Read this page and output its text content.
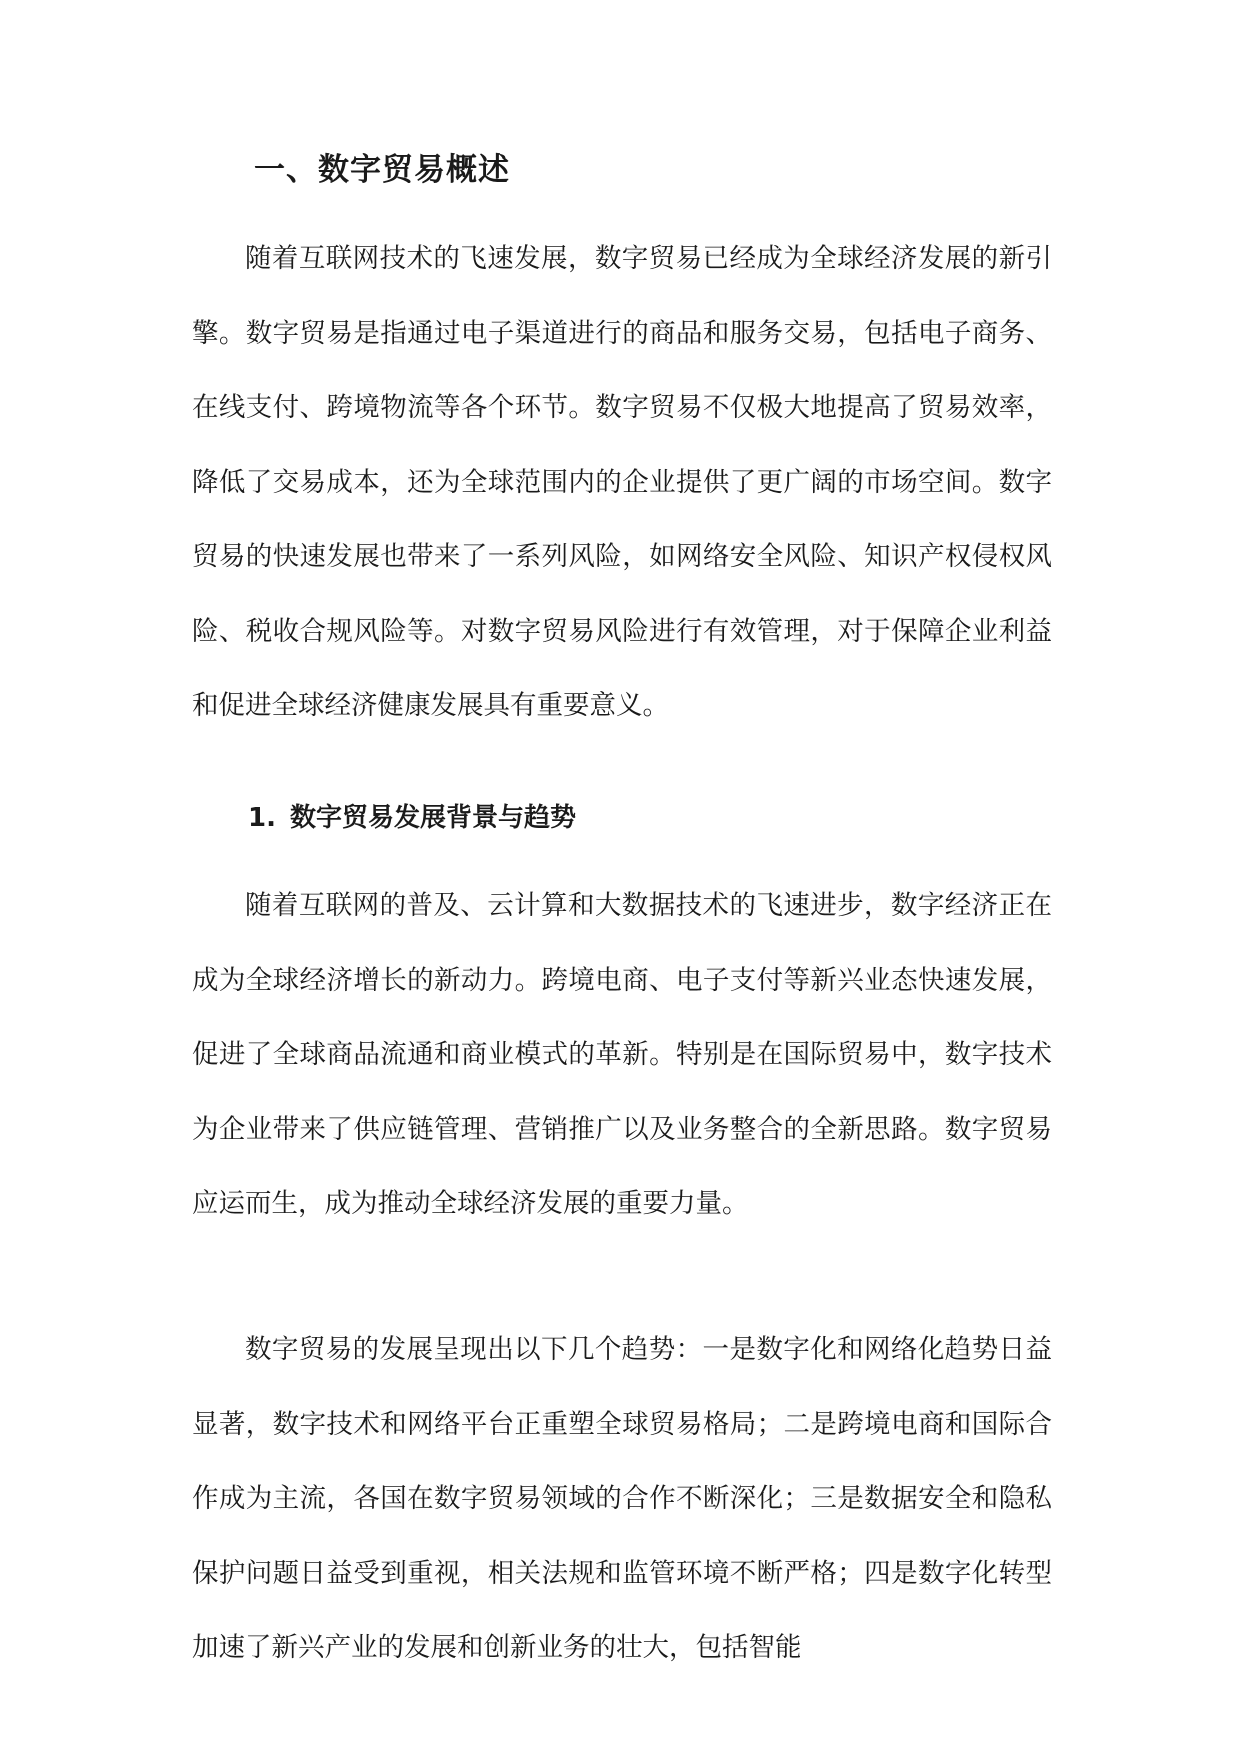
一、数字贸易概述

随着互联网技术的飞速发展，数字贸易已经成为全球经济发展的新引擎。数字贸易是指通过电子渠道进行的商品和服务交易，包括电子商务、在线支付、跨境物流等各个环节。数字贸易不仅极大地提高了贸易效率，降低了交易成本，还为全球范围内的企业提供了更广阔的市场空间。数字贸易的快速发展也带来了一系列风险，如网络安全风险、知识产权侵权风险、税收合规风险等。对数字贸易风险进行有效管理，对于保障企业利益和促进全球经济健康发展具有重要意义。

1. 数字贸易发展背景与趋势

随着互联网的普及、云计算和大数据技术的飞速进步，数字经济正在成为全球经济增长的新动力。跨境电商、电子支付等新兴业态快速发展，促进了全球商品流通和商业模式的革新。特别是在国际贸易中，数字技术为企业带来了供应链管理、营销推广以及业务整合的全新思路。数字贸易应运而生，成为推动全球经济发展的重要力量。

数字贸易的发展呈现出以下几个趋势：一是数字化和网络化趋势日益显著，数字技术和网络平台正重塑全球贸易格局；二是跨境电商和国际合作成为主流，各国在数字贸易领域的合作不断深化；三是数据安全和隐私保护问题日益受到重视，相关法规和监管环境不断严格；四是数字化转型加速了新兴产业的发展和创新业务的壮大，包括智能
